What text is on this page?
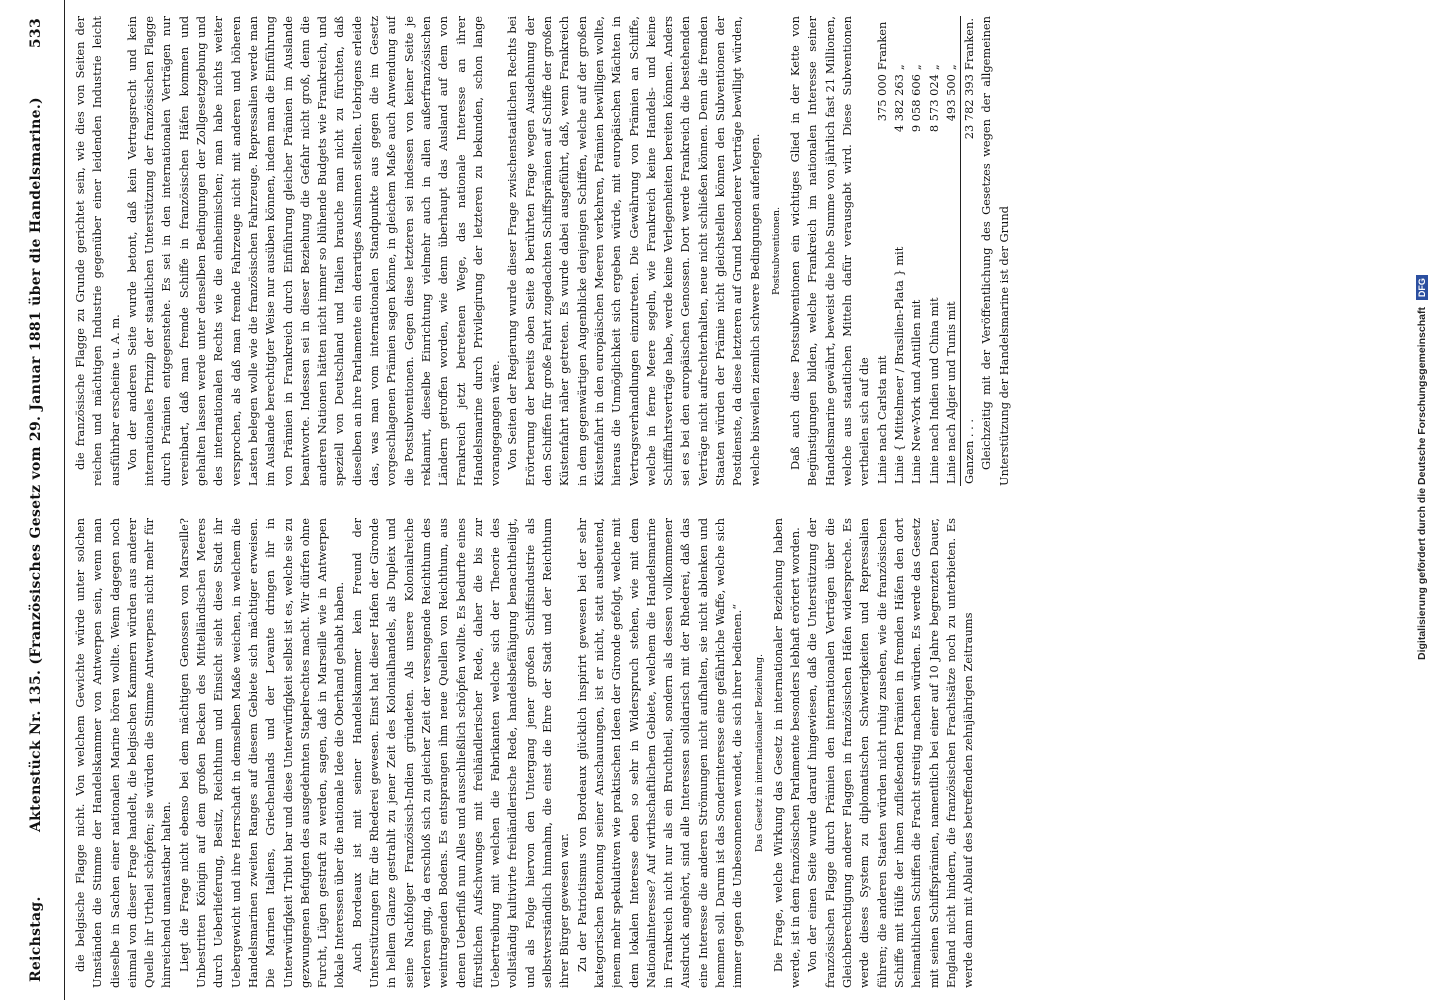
Reichstag.
Aktenstück Nr. 135. (Französisches Gesetz vom 29. Januar 1881 über die Handelsmarine.)
533

die belgische Flagge nicht. Von welchem Gewichte würde unter solchen Umständen die Stimme der Handelskammer von Antwerpen sein, wenn man dieselbe in Sachen einer nationalen Marine hören wollte. Wenn dagegen noch einmal von dieser Frage handelt, die belgischen Kammern würden aus anderer Quelle ihr Urtheil schöpfen; sie würden die Stimme Antwerpens nicht mehr für hinreichend unantastbar halten. Liegt die Frage nicht ebenso bei dem mächtigen Genossen von Marseille? Unbestritten Königin auf dem großen Becken des Mittelländischen Meeres durch Ueberlieferung, Besitz, Reichthum und Einsicht sieht diese Stadt ihr Uebergewicht und ihre Herrschaft in demselben Maße weichen, in welchem die Handelsmarinen zweiten Ranges auf diesem Gebiete sich mächtiger erweisen. Die Marinen Italiens, Griechenlands und der Levante dringen ihr in Unterwürfigkeit Tribut bar und diese Unterwürfigkeit selbst ist es, welche sie zu gezwungenen Befugten des ausgedehnten Stapelrechtes macht. Wir dürfen ohne Furcht, Lügen gestraft zu werden, sagen, daß in Marseille wie in Antwerpen lokale Interessen über die nationale Idee die Oberhand gehabt haben. Auch Bordeaux ist mit seiner Handelskammer kein Freund der Unterstützungen für die Rhederei gewesen. Einst hat dieser Hafen der Gironde in hellem Glanze gestrahlt zu jener Zeit des Kolonialhandels, als Dupleix und seine Nachfolger Französisch-Indien gründeten. Als unsere Kolonialreiche verloren ging, da erschloß sich zu gleicher Zeit der versengende Reichthum des weintragenden Bodens. Es entsprangen ihm neue Quellen von Reichthum, aus denen Ueberfluß nun Alles und ausschließlich schöpfen wollte. Es bedurfte eines fürstlichen Aufschwunges mit freihändlerischer Rede, daher die bis zur Uebertreibung mit welchen die Fabrikanten welche sich der Theorie des vollständig kultivirte freihändlerische Rede, handelsbefähigung benachtheiligt, und als Folge hiervon den Untergang jener großen Schiffsindustrie als selbstverständlich hinnahm, die einst die Ehre der Stadt und der Reichthum ihrer Bürger gewesen war. Zu der Patriotismus von Bordeaux glücklich inspirirt gewesen bei der sehr kategorischen Betonung seiner Anschauungen, ist er nicht, statt ausbeutend, jenem mehr spekulativen wie praktischen Ideen der Gironde gefolgt, welche mit dem lokalen Interesse eben so sehr in Widerspruch stehen, wie mit dem Nationalinteresse? Auf wirthschaftlichem Gebiete, welchem die Handelsmarine in Frankreich nicht nur als ein Bruchtheil, sondern als dessen vollkommener Ausdruck angehört, sind alle Interessen solidarisch mit der Rhederei, daß das eine Interesse die anderen Strömungen nicht aufhalten, sie nicht ablenken und hemmen soll. Darum ist das Sonderinteresse eine gefährliche Waffe, welche sich immer gegen die Unbesonnenen wendet, die sich ihrer bedienen.“ Das Gesetz in internationaler Beziehung. Die Frage, welche Wirkung das Gesetz in internationaler Beziehung haben werde, ist in dem französischen Parlamente besonders lebhaft erörtert worden. Von der einen Seite wurde darauf hingewiesen, daß die Unterstützung der französischen Flagge durch Prämien den internationalen Verträgen über die Gleichberechtigung anderer Flaggen in französischen Häfen widerspreche. Es werde dieses System zu diplomatischen Schwierigkeiten und Repressalien führen; die anderen Staaten würden nicht ruhig zusehen, wie die französischen Schiffe mit Hülfe der ihnen zufließenden Prämien in fremden Häfen den dort heimathlichen Schiffen die Fracht streitig machen würden. Es werde das Gesetz mit seinen Schiffsprämien, namentlich bei einer auf 10 Jahre begrenzten Dauer, England nicht hindern, die französischen Frachtsätze noch zu unterbieten. Es werde dann mit Ablauf des betreffenden zehnjährigen Zeitraums

die französische Flagge zu Grunde gerichtet sein, wie dies von Seiten der reichen und mächtigen Industrie gegenüber einer leidenden Industrie leicht ausführbar erscheine u. A. m. Von der anderen Seite wurde betont, daß kein Vertragsrecht und kein internationales Prinzip der staatlichen Unterstützung der französischen Flagge durch Prämien entgegenstehe. Es sei in den internationalen Verträgen nur vereinbart, daß man fremde Schiffe in französischen Häfen kommen und gehalten lassen werde unter denselben Bedingungen der Zollgesetzgebung und des internationalen Rechts wie die einheimischen; man habe nichts weiter versprochen, als daß man fremde Fahrzeuge nicht mit anderen und höheren Lasten belegen wolle wie die französischen Fahrzeuge. Repressalien werde man im Auslande berechtigter Weise nur ausüben können, indem man die Einführung von Prämien in Frankreich durch Einführung gleicher Prämien im Auslande beantworte. Indessen sei in dieser Beziehung die Gefahr nicht groß, denn die anderen Nationen hätten nicht immer so blühende Budgets wie Frankreich, und speziell von Deutschland und Italien brauche man nicht zu fürchten, daß dieselben an ihre Parlamente ein derartiges Ansinnen stellten. Uebrigens erleide das, was man vom internationalen Standpunkte aus gegen die im Gesetz vorgeschlagenen Prämien sagen könne, in gleichem Maße auch Anwendung auf die Postsubventionen. Gegen diese letzteren sei indessen von keiner Seite je reklamirt, dieselbe Einrichtung vielmehr auch in allen außerfranzösischen Ländern getroffen worden, wie denn überhaupt das Ausland auf dem von Frankreich jetzt betretenen Wege, das nationale Interesse an ihrer Handelsmarine durch Privilegirung der letzteren zu bekunden, schon lange vorangegangen wäre. Von Seiten der Regierung wurde dieser Frage zwischenstaatlichen Rechts bei Erörterung der bereits oben Seite 8 berührten Frage wegen Ausdehnung der den Schiffen für große Fahrt zugedachten Schiffsprämien auf Schiffe der großen Küstenfahrt näher getreten. Es wurde dabei ausgeführt, daß, wenn Frankreich in dem gegenwärtigen Augenblicke denjenigen Schiffen, welche auf der großen Küstenfahrt in den europäischen Meeren verkehren, Prämien bewilligen wollte, hieraus die Unmöglichkeit sich ergeben würde, mit europäischen Mächten in Vertragsverhandlungen einzutreten. Die Gewährung von Prämien an Schiffe, welche in ferne Meere segeln, wie Frankreich keine Handels- und keine Schifffahrtsverträge habe, werde keine Verlegenheiten bereiten können. Anders sei es bei den europäischen Genossen. Dort werde Frankreich die bestehenden Verträge nicht aufrechterhalten, neue nicht schließen können. Denn die fremden Staaten würden der Prämie nicht gleichstellen können den Subventionen der Postdienste, da diese letzteren auf Grund besonderer Verträge bewilligt würden, welche bisweilen ziemlich schwere Bedingungen auferlegen. Postsubventionen. Daß auch diese Postsubventionen ein wichtiges Glied in der Kette von Begünstigungen bilden, welche Frankreich im nationalen Interesse seiner Handelsmarine gewährt, beweist die hohe Summe von jährlich fast 21 Millionen, welche aus staatlichen Mitteln dafür verausgabt wird. Diese Subventionen vertheilen sich auf die Linie nach Carlsta mit	375 000	Franken
Linie { Mittelmeer / Brasilien-Plata } mit	4 382 263	„
Linie New-York und Antillen mit	9 058 606	„
Linie nach Indien und China mit	8 573 024	„
Linie nach Algier und Tunis mit	493 500	„
Ganzen . . .	23 782 393	Franken. Gleichzeitig mit der Veröffentlichung des Gesetzes wegen der allgemeinen Unterstützung der Handelsmarine ist der Grund	Digitalisierung gefördert durch die Deutsche Forschungsgemeinschaft DFG
